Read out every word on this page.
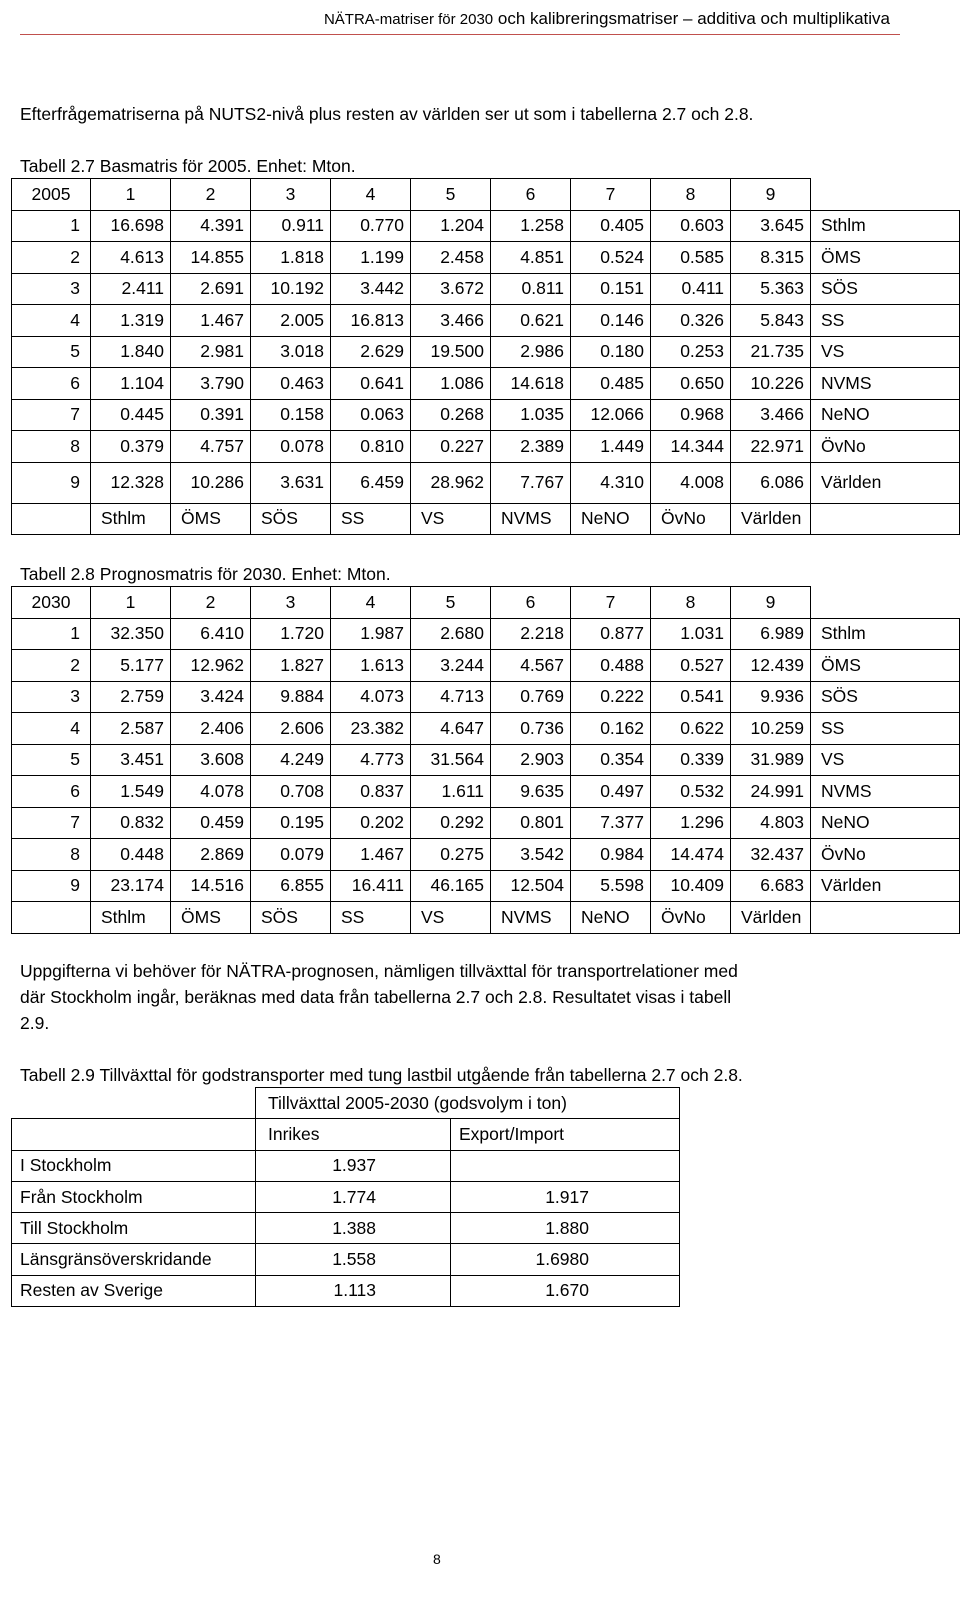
NÄTRA-matriser för 2030 och kalibreringsmatriser – additiva och multiplikativa
Efterfrågematriserna på NUTS2-nivå plus resten av världen ser ut som i tabellerna 2.7 och 2.8.
Tabell 2.7 Basmatris för 2005. Enhet: Mton.
2005	1	2	3	4	5	6	7	8	9	
1	16.698	4.391	0.911	0.770	1.204	1.258	0.405	0.603	3.645	Sthlm
2	4.613	14.855	1.818	1.199	2.458	4.851	0.524	0.585	8.315	ÖMS
3	2.411	2.691	10.192	3.442	3.672	0.811	0.151	0.411	5.363	SÖS
4	1.319	1.467	2.005	16.813	3.466	0.621	0.146	0.326	5.843	SS
5	1.840	2.981	3.018	2.629	19.500	2.986	0.180	0.253	21.735	VS
6	1.104	3.790	0.463	0.641	1.086	14.618	0.485	0.650	10.226	NVMS
7	0.445	0.391	0.158	0.063	0.268	1.035	12.066	0.968	3.466	NeNO
8	0.379	4.757	0.078	0.810	0.227	2.389	1.449	14.344	22.971	ÖvNo
9	12.328	10.286	3.631	6.459	28.962	7.767	4.310	4.008	6.086	Världen
	Sthlm	ÖMS	SÖS	SS	VS	NVMS	NeNO	ÖvNo	Världen	
Tabell 2.8 Prognosmatris för 2030. Enhet: Mton.
2030	1	2	3	4	5	6	7	8	9	
1	32.350	6.410	1.720	1.987	2.680	2.218	0.877	1.031	6.989	Sthlm
2	5.177	12.962	1.827	1.613	3.244	4.567	0.488	0.527	12.439	ÖMS
3	2.759	3.424	9.884	4.073	4.713	0.769	0.222	0.541	9.936	SÖS
4	2.587	2.406	2.606	23.382	4.647	0.736	0.162	0.622	10.259	SS
5	3.451	3.608	4.249	4.773	31.564	2.903	0.354	0.339	31.989	VS
6	1.549	4.078	0.708	0.837	1.611	9.635	0.497	0.532	24.991	NVMS
7	0.832	0.459	0.195	0.202	0.292	0.801	7.377	1.296	4.803	NeNO
8	0.448	2.869	0.079	1.467	0.275	3.542	0.984	14.474	32.437	ÖvNo
9	23.174	14.516	6.855	16.411	46.165	12.504	5.598	10.409	6.683	Världen
	Sthlm	ÖMS	SÖS	SS	VS	NVMS	NeNO	ÖvNo	Världen	
Uppgifterna vi behöver för NÄTRA-prognosen, nämligen tillväxttal för transportrelationer med
där Stockholm ingår, beräknas med data från tabellerna 2.7 och 2.8. Resultatet visas i tabell
2.9.
Tabell 2.9 Tillväxttal för godstransporter med tung lastbil utgående från tabellerna 2.7 och 2.8.
	Tillväxttal 2005-2030 (godsvolym i ton)	
	Inrikes	Export/Import
I Stockholm	1.937	
Från Stockholm	1.774	1.917
Till Stockholm	1.388	1.880
Länsgränsöverskridande	1.558	1.6980
Resten av Sverige	1.113	1.670
8
